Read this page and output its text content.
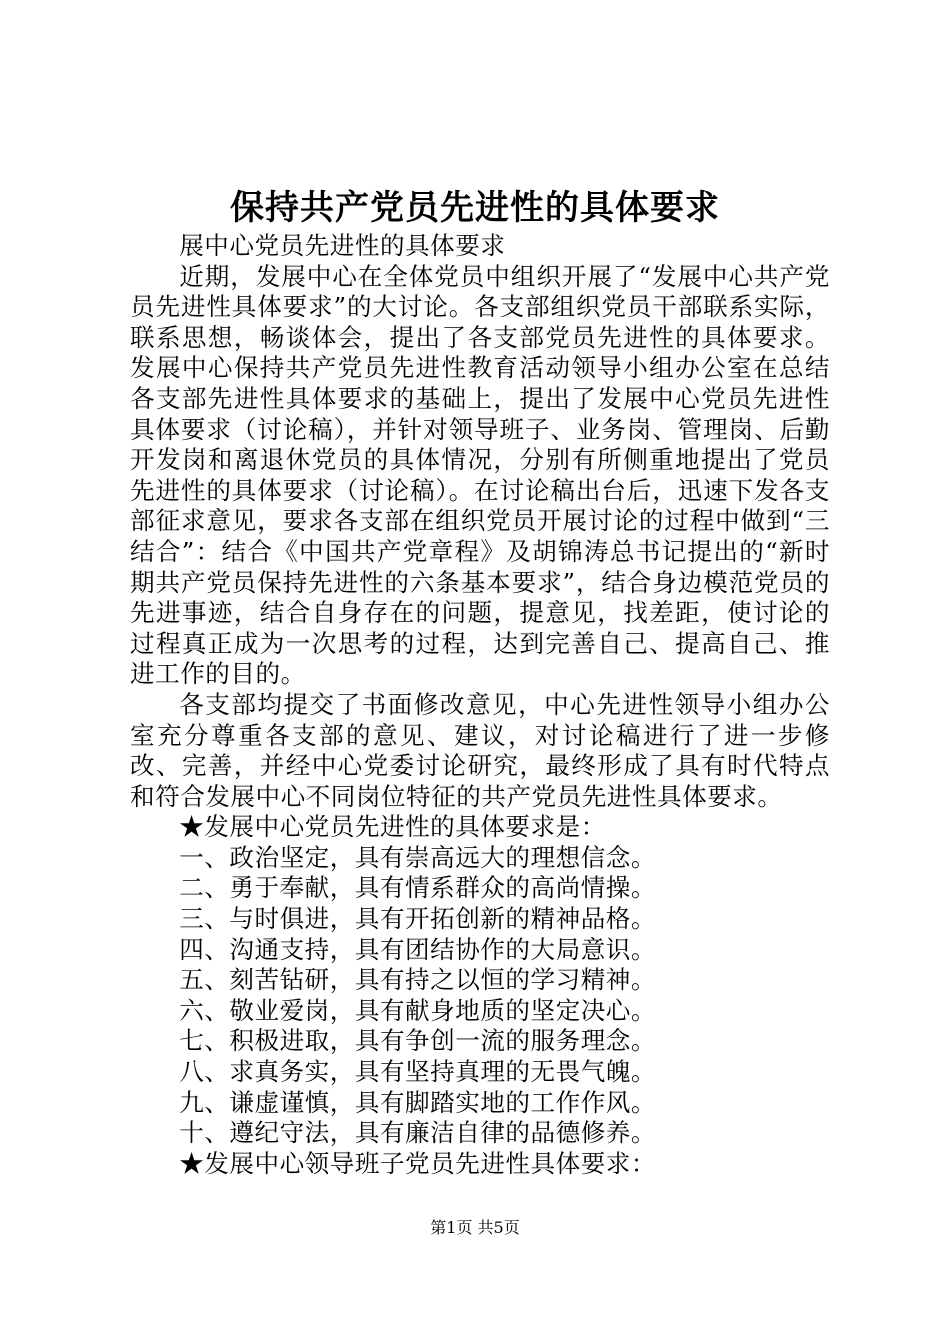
保持共产党员先进性的具体要求

展中心党员先进性的具体要求

近期，发展中心在全体党员中组织开展了“发展中心共产党员先进性具体要求”的大讨论。各支部组织党员干部联系实际，联系思想，畅谈体会，提出了各支部党员先进性的具体要求。发展中心保持共产党员先进性教育活动领导小组办公室在总结各支部先进性具体要求的基础上，提出了发展中心党员先进性具体要求（讨论稿），并针对领导班子、业务岗、管理岗、后勤开发岗和离退休党员的具体情况，分别有所侧重地提出了党员先进性的具体要求（讨论稿）。在讨论稿出台后，迅速下发各支部征求意见，要求各支部在组织党员开展讨论的过程中做到“三结合”：结合《中国共产党章程》及胡锦涛总书记提出的“新时期共产党员保持先进性的六条基本要求”，结合身边模范党员的先进事迹，结合自身存在的问题，提意见，找差距，使讨论的过程真正成为一次思考的过程，达到完善自己、提高自己、推进工作的目的。

各支部均提交了书面修改意见，中心先进性领导小组办公室充分尊重各支部的意见、建议，对讨论稿进行了进一步修改、完善，并经中心党委讨论研究，最终形成了具有时代特点和符合发展中心不同岗位特征的共产党员先进性具体要求。

★发展中心党员先进性的具体要求是：

一、政治坚定，具有崇高远大的理想信念。

二、勇于奉献，具有情系群众的高尚情操。

三、与时俱进，具有开拓创新的精神品格。

四、沟通支持，具有团结协作的大局意识。

五、刻苦钻研，具有持之以恒的学习精神。

六、敬业爱岗，具有献身地质的坚定决心。

七、积极进取，具有争创一流的服务理念。

八、求真务实，具有坚持真理的无畏气魄。

九、谦虚谨慎，具有脚踏实地的工作作风。

十、遵纪守法，具有廉洁自律的品德修养。

★发展中心领导班子党员先进性具体要求：

第1页 共5页
